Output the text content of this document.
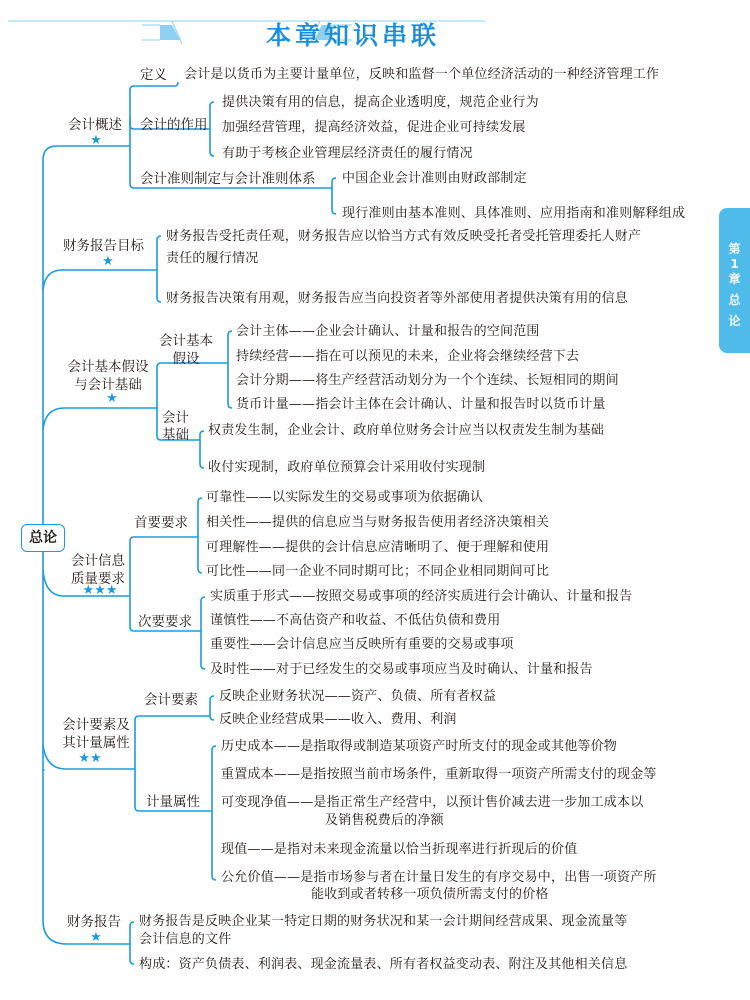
本章知识串联
第
1
章
总
论
总论
会计概述
★
定义 会计是以货币为主要计量单位，反映和监督一个单位经济活动的一种经济管理工作
会计的作用
提供决策有用的信息，提高企业透明度，规范企业行为
加强经营管理，提高经济效益，促进企业可持续发展
有助于考核企业管理层经济责任的履行情况
会计准则制定与会计准则体系 中国企业会计准则由财政部制定
现行准则由基本准则、具体准则、应用指南和准则解释组成
财务报告目标
★
财务报告受托责任观，财务报告应以恰当方式有效反映受托者受托管理委托人财产
责任的履行情况
财务报告决策有用观，财务报告应当向投资者等外部使用者提供决策有用的信息
会计基本假设
与会计基础
★
会计基本
假设
会计主体——企业会计确认、计量和报告的空间范围
持续经营——指在可以预见的未来，企业将会继续经营下去
会计分期——将生产经营活动划分为一个个连续、长短相同的期间
货币计量——指会计主体在会计确认、计量和报告时以货币计量
会计
基础 权责发生制，企业会计、政府单位财务会计应当以权责发生制为基础
收付实现制，政府单位预算会计采用收付实现制
会计信息
质量要求
★★★
首要要求
可靠性——以实际发生的交易或事项为依据确认
相关性——提供的信息应当与财务报告使用者经济决策相关
可理解性——提供的会计信息应清晰明了、便于理解和使用
可比性——同一企业不同时期可比；不同企业相同期间可比
次要要求
实质重于形式——按照交易或事项的经济实质进行会计确认、计量和报告
谨慎性——不高估资产和收益、不低估负债和费用
重要性——会计信息应当反映所有重要的交易或事项
及时性——对于已经发生的交易或事项应当及时确认、计量和报告
会计要素及
其计量属性
★★
会计要素 反映企业财务状况——资产、负债、所有者权益
反映企业经营成果——收入、费用、利润
计量属性
历史成本——是指取得或制造某项资产时所支付的现金或其他等价物
重置成本——是指按照当前市场条件，重新取得一项资产所需支付的现金等
可变现净值——是指正常生产经营中，以预计售价减去进一步加工成本以
及销售税费后的净额
现值——是指对未来现金流量以恰当折现率进行折现后的价值
公允价值——是指市场参与者在计量日发生的有序交易中，出售一项资产所
能收到或者转移一项负债所需支付的价格
财务报告
★
财务报告是反映企业某一特定日期的财务状况和某一会计期间经营成果、现金流量等
会计信息的文件
构成：资产负债表、利润表、现金流量表、所有者权益变动表、附注及其他相关信息
